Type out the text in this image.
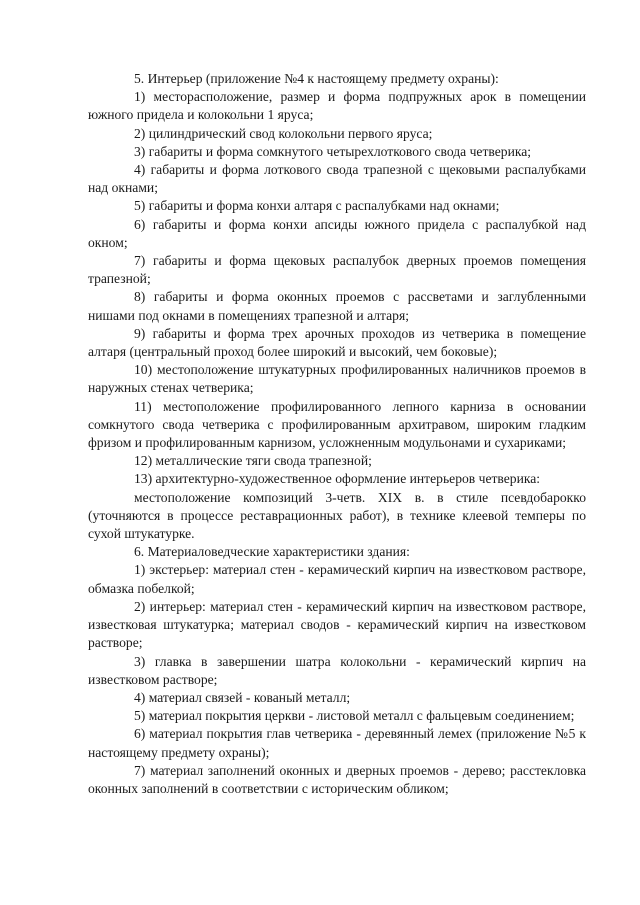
5. Интерьер (приложение №4 к настоящему предмету охраны):

1) месторасположение, размер и форма подпружных арок в помещении южного придела и колокольни 1 яруса;

2) цилиндрический свод колокольни первого яруса;

3) габариты и форма сомкнутого четырехлоткового свода четверика;

4) габариты и форма лоткового свода трапезной с щековыми распалубками над окнами;

5) габариты и форма конхи алтаря с распалубками над окнами;

6) габариты и форма конхи апсиды южного придела с распалубкой над окном;

7) габариты и форма щековых распалубок дверных проемов помещения трапезной;

8) габариты и форма оконных проемов с рассветами и заглубленными нишами под окнами в помещениях трапезной и алтаря;

9) габариты и форма трех арочных проходов из четверика в помещение алтаря (центральный проход более широкий и высокий, чем боковые);

10) местоположение штукатурных профилированных наличников проемов в наружных стенах четверика;

11) местоположение профилированного лепного карниза в основании сомкнутого свода четверика с профилированным архитравом, широким гладким фризом и профилированным карнизом, усложненным модульонами и сухариками;

12) металлические тяги свода трапезной;

13) архитектурно-художественное оформление интерьеров четверика:

местоположение композиций 3-четв. XIX в. в стиле псевдобарокко (уточняются в процессе реставрационных работ), в технике клеевой темперы по сухой штукатурке.

6. Материаловедческие характеристики здания:

1) экстерьер: материал стен - керамический кирпич на известковом растворе, обмазка побелкой;

2) интерьер: материал стен - керамический кирпич на известковом растворе, известковая штукатурка; материал сводов - керамический кирпич на известковом растворе;

3) главка в завершении шатра колокольни - керамический кирпич на известковом растворе;

4) материал связей - кованый металл;

5) материал покрытия церкви - листовой металл с фальцевым соединением;

6) материал покрытия глав четверика - деревянный лемех (приложение №5 к настоящему предмету охраны);

7) материал заполнений оконных и дверных проемов - дерево; расстекловка оконных заполнений в соответствии с историческим обликом;
